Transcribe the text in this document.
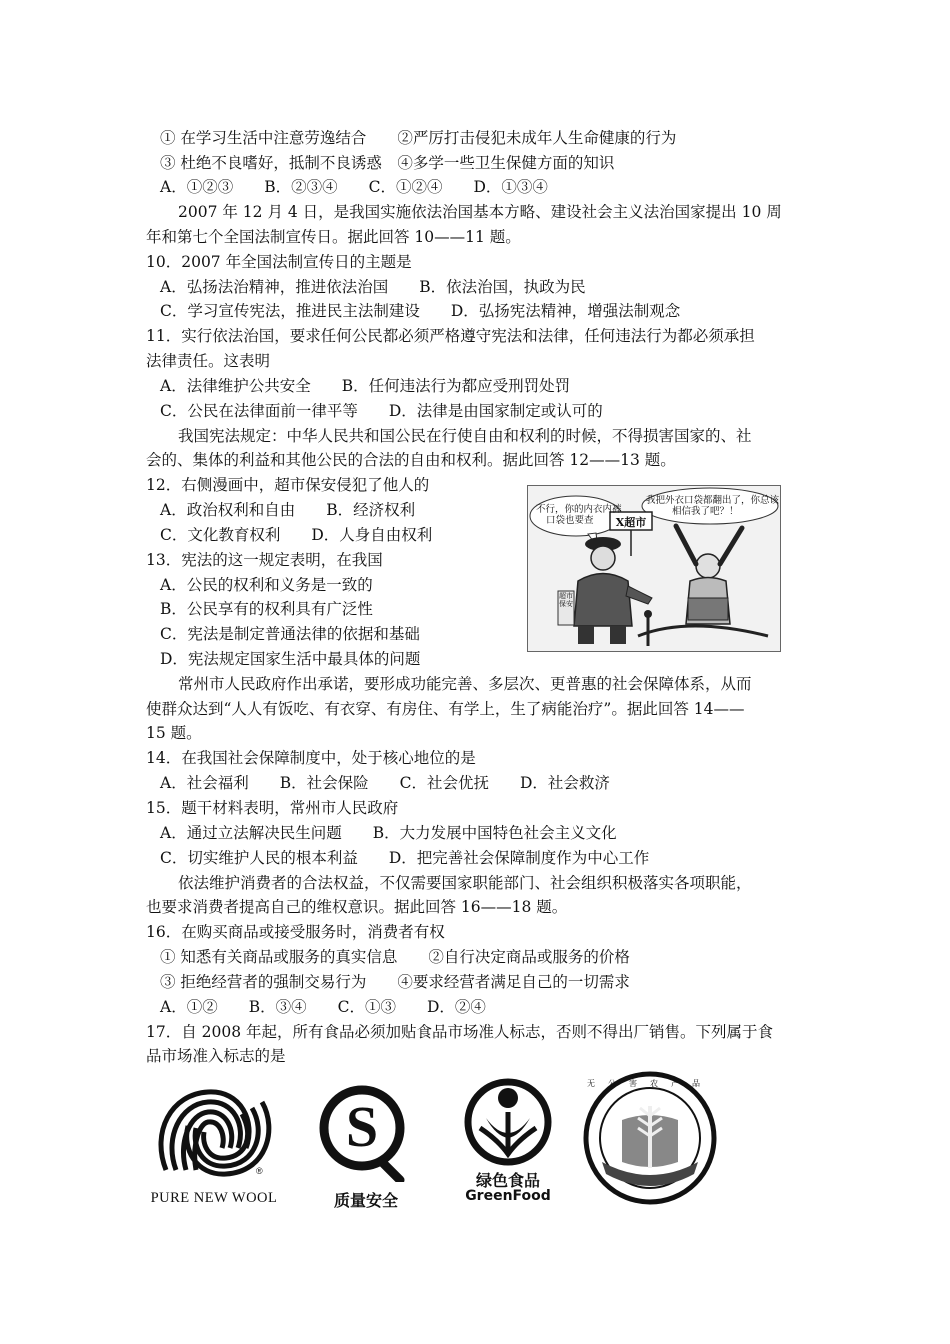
① 在学习生活中注意劳逸结合　　②严厉打击侵犯未成年人生命健康的行为
③ 杜绝不良嗜好，抵制不良诱惑　④多学一些卫生保健方面的知识
A．①②③　　B．②③④　　C．①②④　　D．①③④
2007 年 12 月 4 日，是我国实施依法治国基本方略、建设社会主义法治国家提出 10 周
年和第七个全国法制宣传日。据此回答 10——11 题。
10．2007 年全国法制宣传日的主题是
A．弘扬法治精神，推进依法治国　　B．依法治国，执政为民
C．学习宣传宪法，推进民主法制建设　　D．弘扬宪法精神，增强法制观念
11．实行依法治国，要求任何公民都必须严格遵守宪法和法律，任何违法行为都必须承担
法律责任。这表明
A．法律维护公共安全　　B．任何违法行为都应受刑罚处罚
C．公民在法律面前一律平等　　D．法律是由国家制定或认可的
我国宪法规定：中华人民共和国公民在行使自由和权利的时候，不得损害国家的、社
会的、集体的利益和其他公民的合法的自由和权利。据此回答 12——13 题。
12．右侧漫画中，超市保安侵犯了他人的
A．政治权利和自由　　B．经济权利
C．文化教育权利　　D．人身自由权利
13．宪法的这一规定表明，在我国
A．公民的权利和义务是一致的
B．公民享有的权利具有广泛性
C．宪法是制定普通法律的依据和基础
D．宪法规定国家生活中最具体的问题
常州市人民政府作出承诺，要形成功能完善、多层次、更普惠的社会保障体系，从而
使群众达到“人人有饭吃、有衣穿、有房住、有学上，生了病能治疗”。据此回答 14——
15 题。
14．在我国社会保障制度中，处于核心地位的是
A．社会福利　　B．社会保险　　C．社会优抚　　D．社会救济
15．题干材料表明，常州市人民政府
A．通过立法解决民生问题　　B．大力发展中国特色社会主义文化
C．切实维护人民的根本利益　　D．把完善社会保障制度作为中心工作
依法维护消费者的合法权益，不仅需要国家职能部门、社会组织积极落实各项职能，
也要求消费者提高自己的维权意识。据此回答 16——18 题。
16．在购买商品或接受服务时，消费者有权
① 知悉有关商品或服务的真实信息　　②自行决定商品或服务的价格
③ 拒绝经营者的强制交易行为　　④要求经营者满足自己的一切需求
A．①②　　B．③④　　C．①③　　D．②④
17．自 2008 年起，所有食品必须加贴食品市场准人标志，否则不得出厂销售。下列属于食
品市场准入标志的是
不行，你的内衣内裤
口袋也要查
我把外衣口袋都翻出了，你总该
相信我了吧？！
X超市
超市保安
®
PURE NEW WOOL
S
质量安全
绿色食品
GreenFood
无公害农产品
